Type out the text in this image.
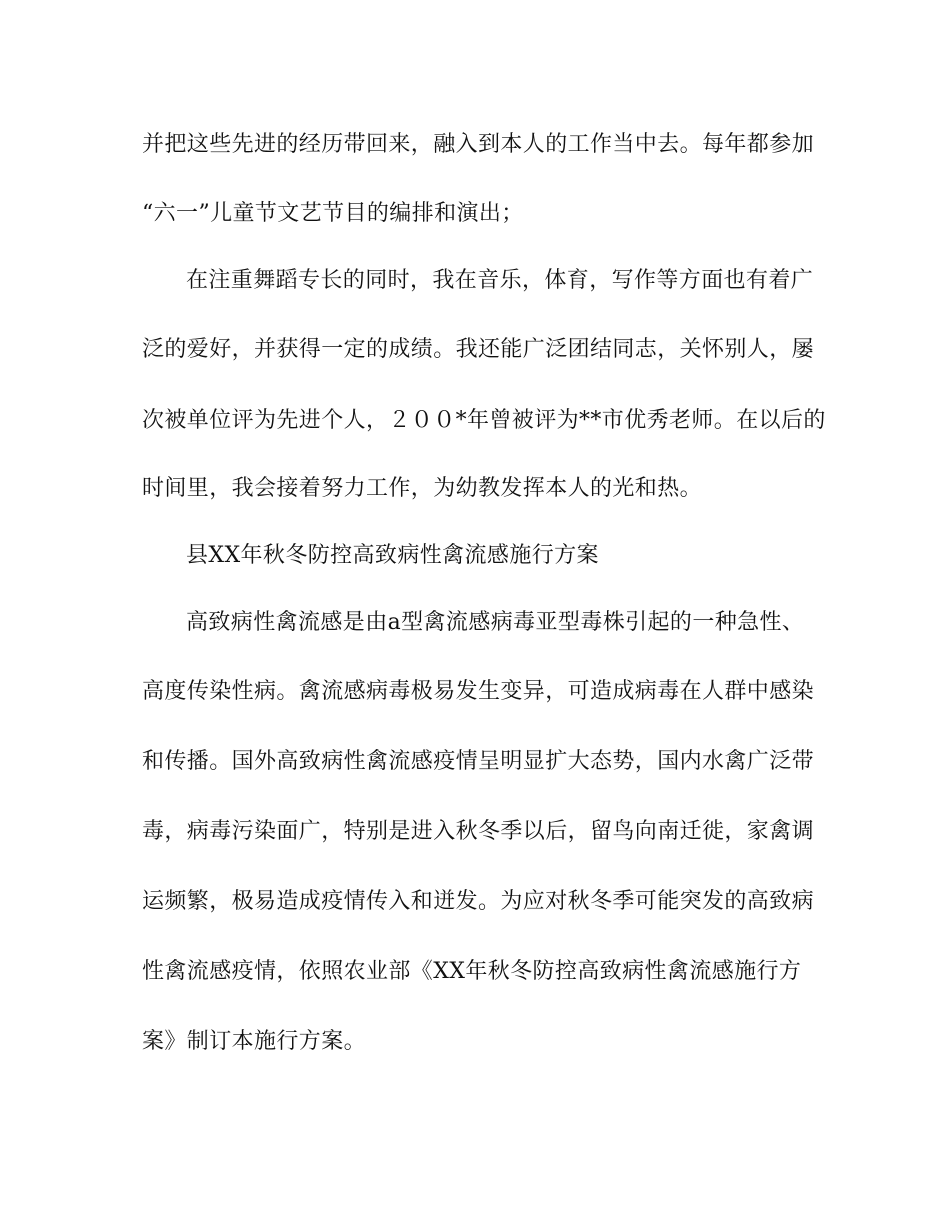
并把这些先进的经历带回来，融入到本人的工作当中去。每年都参加
“六一”儿童节文艺节目的编排和演出；
在注重舞蹈专长的同时，我在音乐，体育，写作等方面也有着广
泛的爱好，并获得一定的成绩。我还能广泛团结同志，关怀别人，屡
次被单位评为先进个人，２００*年曾被评为**市优秀老师。在以后的
时间里，我会接着努力工作，为幼教发挥本人的光和热。
县XX年秋冬防控高致病性禽流感施行方案
高致病性禽流感是由a型禽流感病毒亚型毒株引起的一种急性、
高度传染性病。禽流感病毒极易发生变异，可造成病毒在人群中感染
和传播。国外高致病性禽流感疫情呈明显扩大态势，国内水禽广泛带
毒，病毒污染面广，特别是进入秋冬季以后，留鸟向南迁徙，家禽调
运频繁，极易造成疫情传入和迸发。为应对秋冬季可能突发的高致病
性禽流感疫情，依照农业部《XX年秋冬防控高致病性禽流感施行方
案》制订本施行方案。
